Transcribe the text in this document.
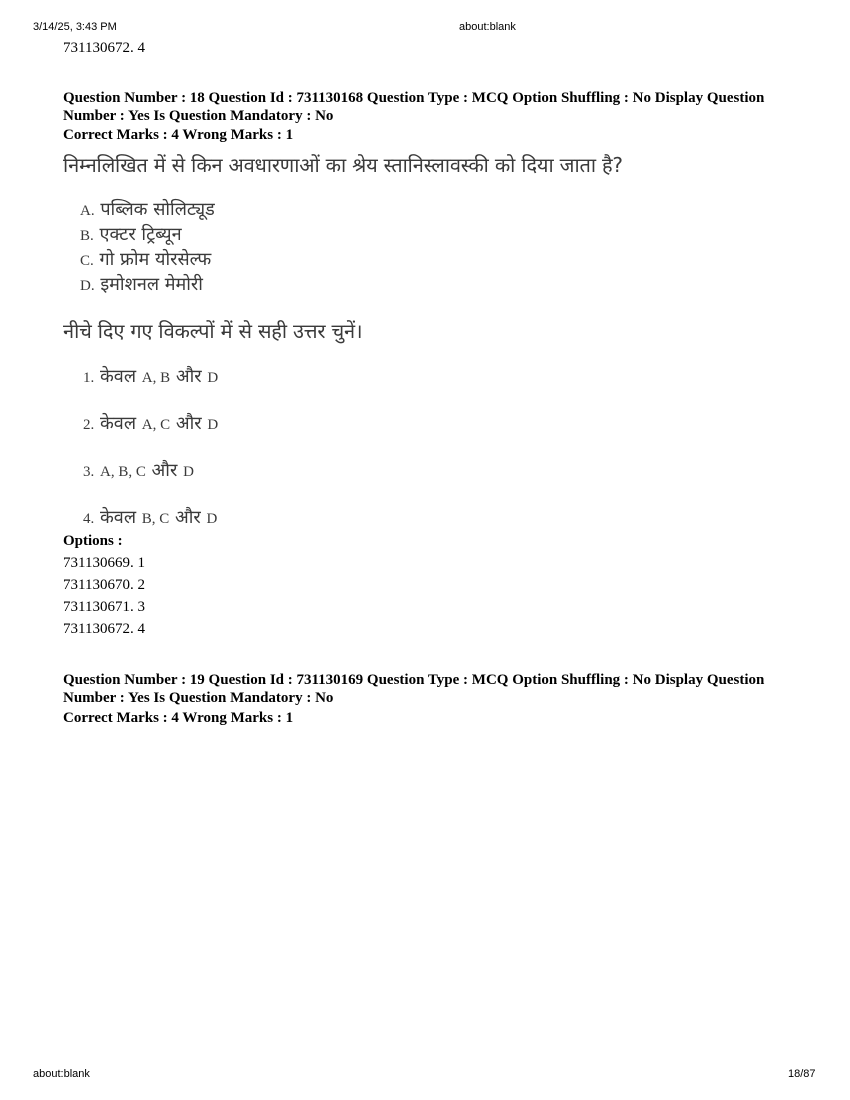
3/14/25, 3:43 PM	about:blank
731130672. 4
Question Number : 18 Question Id : 731130168 Question Type : MCQ Option Shuffling : No Display Question
Number : Yes Is Question Mandatory : No
Correct Marks : 4 Wrong Marks : 1
निम्नलिखित में से किन अवधारणाओं का श्रेय स्तानिस्लावस्की को दिया जाता है?
A. पब्लिक सोलिट्यूड
B. एक्टर ट्रिब्यून
C. गो फ्रोम योरसेल्फ
D. इमोशनल मेमोरी
नीचे दिए गए विकल्पों में से सही उत्तर चुनें।
1. केवल A, B और D
2. केवल A, C और D
3. A, B, C और D
4. केवल B, C और D
Options :
731130669. 1
731130670. 2
731130671. 3
731130672. 4
Question Number : 19 Question Id : 731130169 Question Type : MCQ Option Shuffling : No Display Question
Number : Yes Is Question Mandatory : No
Correct Marks : 4 Wrong Marks : 1
about:blank	18/87
